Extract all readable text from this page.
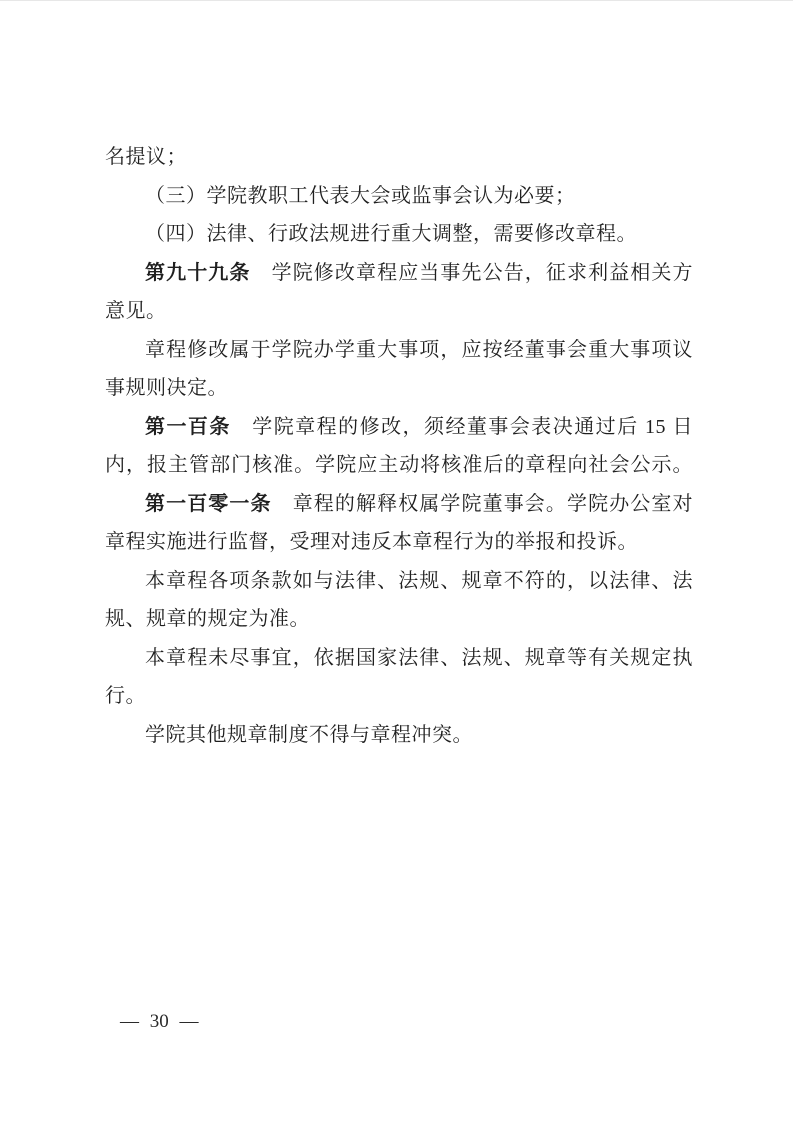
名提议；
（三）学院教职工代表大会或监事会认为必要；
（四）法律、行政法规进行重大调整，需要修改章程。
第九十九条　学院修改章程应当事先公告，征求利益相关方
意见。
章程修改属于学院办学重大事项，应按经董事会重大事项议
事规则决定。
第一百条　学院章程的修改，须经董事会表决通过后 15 日
内，报主管部门核准。学院应主动将核准后的章程向社会公示。
第一百零一条　章程的解释权属学院董事会。学院办公室对
章程实施进行监督，受理对违反本章程行为的举报和投诉。
本章程各项条款如与法律、法规、规章不符的，以法律、法
规、规章的规定为准。
本章程未尽事宜，依据国家法律、法规、规章等有关规定执
行。
学院其他规章制度不得与章程冲突。
— 30 —
